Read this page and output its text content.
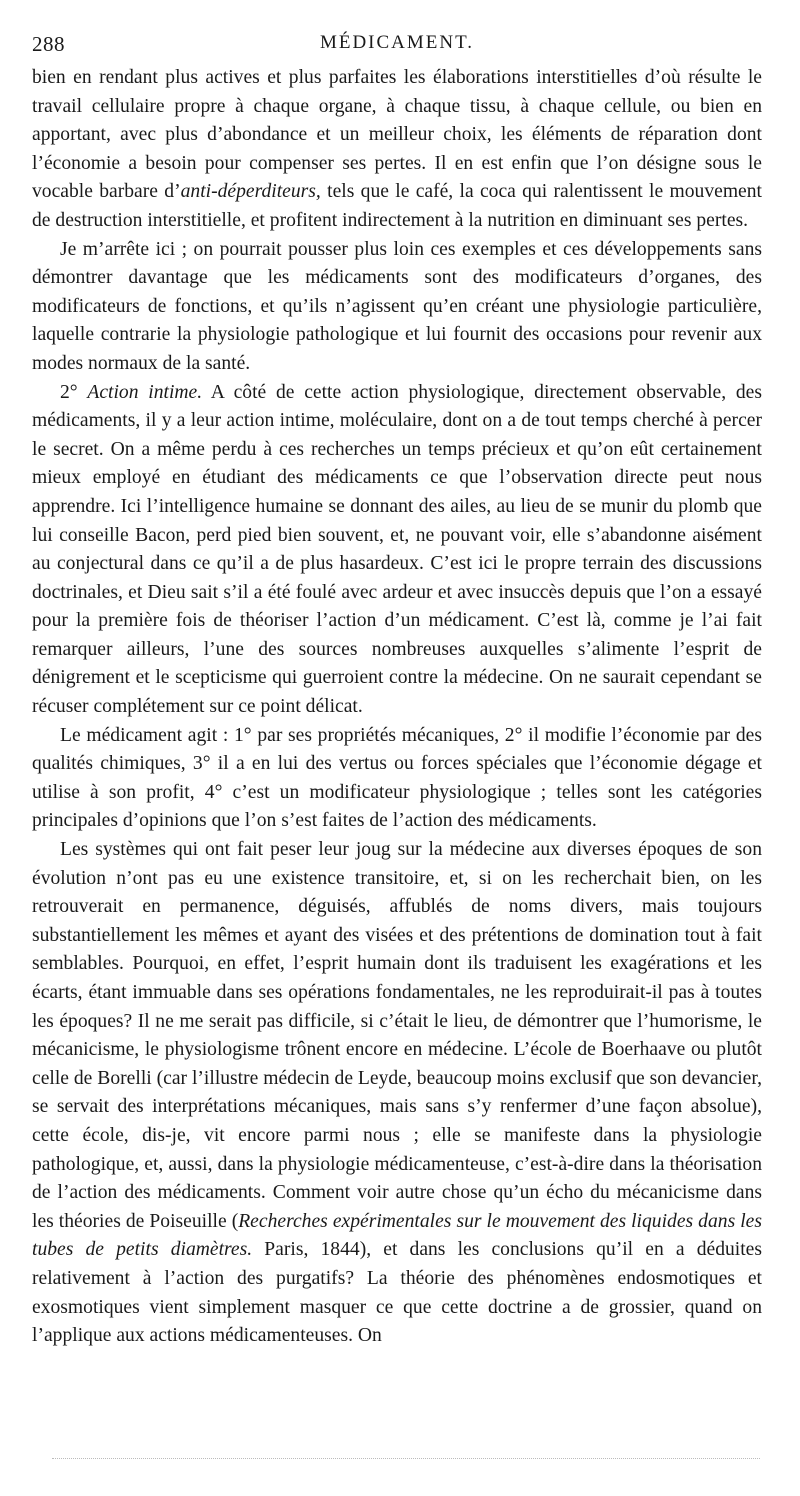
288	MÉDICAMENT.

bien en rendant plus actives et plus parfaites les élaborations interstitielles d’où résulte le travail cellulaire propre à chaque organe, à chaque tissu, à chaque cellule, ou bien en apportant, avec plus d’abondance et un meilleur choix, les éléments de réparation dont l’économie a besoin pour compenser ses pertes. Il en est enfin que l’on désigne sous le vocable barbare d’anti-déperditeurs, tels que le café, la coca qui ralentissent le mouvement de destruction interstitielle, et profitent indirectement à la nutrition en diminuant ses pertes.

Je m’arrête ici ; on pourrait pousser plus loin ces exemples et ces développements sans démontrer davantage que les médicaments sont des modificateurs d’organes, des modificateurs de fonctions, et qu’ils n’agissent qu’en créant une physiologie particulière, laquelle contrarie la physiologie pathologique et lui fournit des occasions pour revenir aux modes normaux de la santé.

2° Action intime. A côté de cette action physiologique, directement observable, des médicaments, il y a leur action intime, moléculaire, dont on a de tout temps cherché à percer le secret. On a même perdu à ces recherches un temps précieux et qu’on eût certainement mieux employé en étudiant des médicaments ce que l’observation directe peut nous apprendre. Ici l’intelligence humaine se donnant des ailes, au lieu de se munir du plomb que lui conseille Bacon, perd pied bien souvent, et, ne pouvant voir, elle s’abandonne aisément au conjectural dans ce qu’il a de plus hasardeux. C’est ici le propre terrain des discussions doctrinales, et Dieu sait s’il a été foulé avec ardeur et avec insuccès depuis que l’on a essayé pour la première fois de théoriser l’action d’un médicament. C’est là, comme je l’ai fait remarquer ailleurs, l’une des sources nombreuses auxquelles s’alimente l’esprit de dénigrement et le scepticisme qui guerroient contre la médecine. On ne saurait cependant se récuser complétement sur ce point délicat.

Le médicament agit : 1° par ses propriétés mécaniques, 2° il modifie l’économie par des qualités chimiques, 3° il a en lui des vertus ou forces spéciales que l’économie dégage et utilise à son profit, 4° c’est un modificateur physiologique ; telles sont les catégories principales d’opinions que l’on s’est faites de l’action des médicaments.

Les systèmes qui ont fait peser leur joug sur la médecine aux diverses époques de son évolution n’ont pas eu une existence transitoire, et, si on les recherchait bien, on les retrouverait en permanence, déguisés, affublés de noms divers, mais toujours substantiellement les mêmes et ayant des visées et des prétentions de domination tout à fait semblables. Pourquoi, en effet, l’esprit humain dont ils traduisent les exagérations et les écarts, étant immuable dans ses opérations fondamentales, ne les reproduirait-il pas à toutes les époques? Il ne me serait pas difficile, si c’était le lieu, de démontrer que l’humorisme, le mécanicisme, le physiologisme trônent encore en médecine. L’école de Boerhaave ou plutôt celle de Borelli (car l’illustre médecin de Leyde, beaucoup moins exclusif que son devancier, se servait des interprétations mécaniques, mais sans s’y renfermer d’une façon absolue), cette école, dis-je, vit encore parmi nous ; elle se manifeste dans la physiologie pathologique, et, aussi, dans la physiologie médicamenteuse, c’est-à-dire dans la théorisation de l’action des médicaments. Comment voir autre chose qu’un écho du mécanicisme dans les théories de Poiseuille (Recherches expérimentales sur le mouvement des liquides dans les tubes de petits diamètres. Paris, 1844), et dans les conclusions qu’il en a déduites relativement à l’action des purgatifs? La théorie des phénomènes endosmotiques et exosmotiques vient simplement masquer ce que cette doctrine a de grossier, quand on l’applique aux actions médicamenteuses. On
